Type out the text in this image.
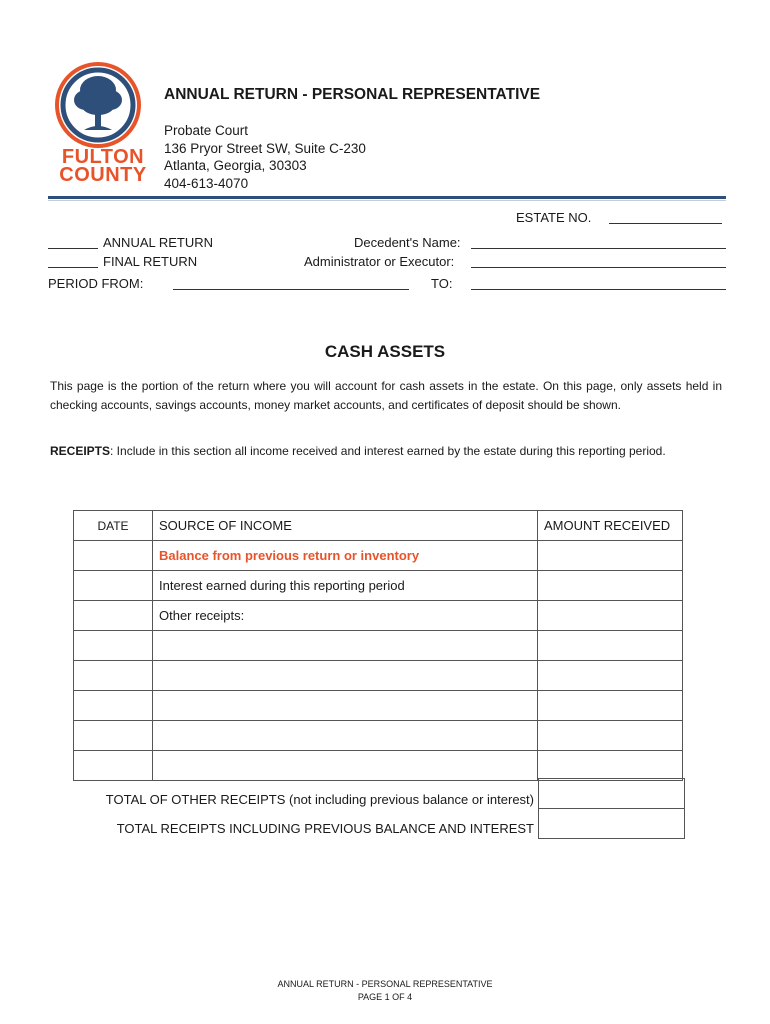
FULTON
COUNTY
ANNUAL RETURN - PERSONAL REPRESENTATIVE
Probate Court
136 Pryor Street SW, Suite C-230
Atlanta, Georgia, 30303
404-613-4070
ESTATE NO.
ANNUAL RETURN
FINAL RETURN
Decedent's Name:
Administrator or Executor:
PERIOD FROM:	TO:
CASH ASSETS
This page is the portion of the return where you will account for cash assets in the estate. On this page, only assets held in checking accounts, savings accounts, money market accounts, and certificates of deposit should be shown.
RECEIPTS: Include in this section all income received and interest earned by the estate during this reporting period.
DATE	SOURCE OF INCOME	AMOUNT RECEIVED
	Balance from previous return or inventory	
	Interest earned during this reporting period	
	Other receipts:	

TOTAL OF OTHER RECEIPTS (not including previous balance or interest)
TOTAL RECEIPTS INCLUDING PREVIOUS BALANCE AND INTEREST
ANNUAL RETURN - PERSONAL REPRESENTATIVE
PAGE 1 OF 4
